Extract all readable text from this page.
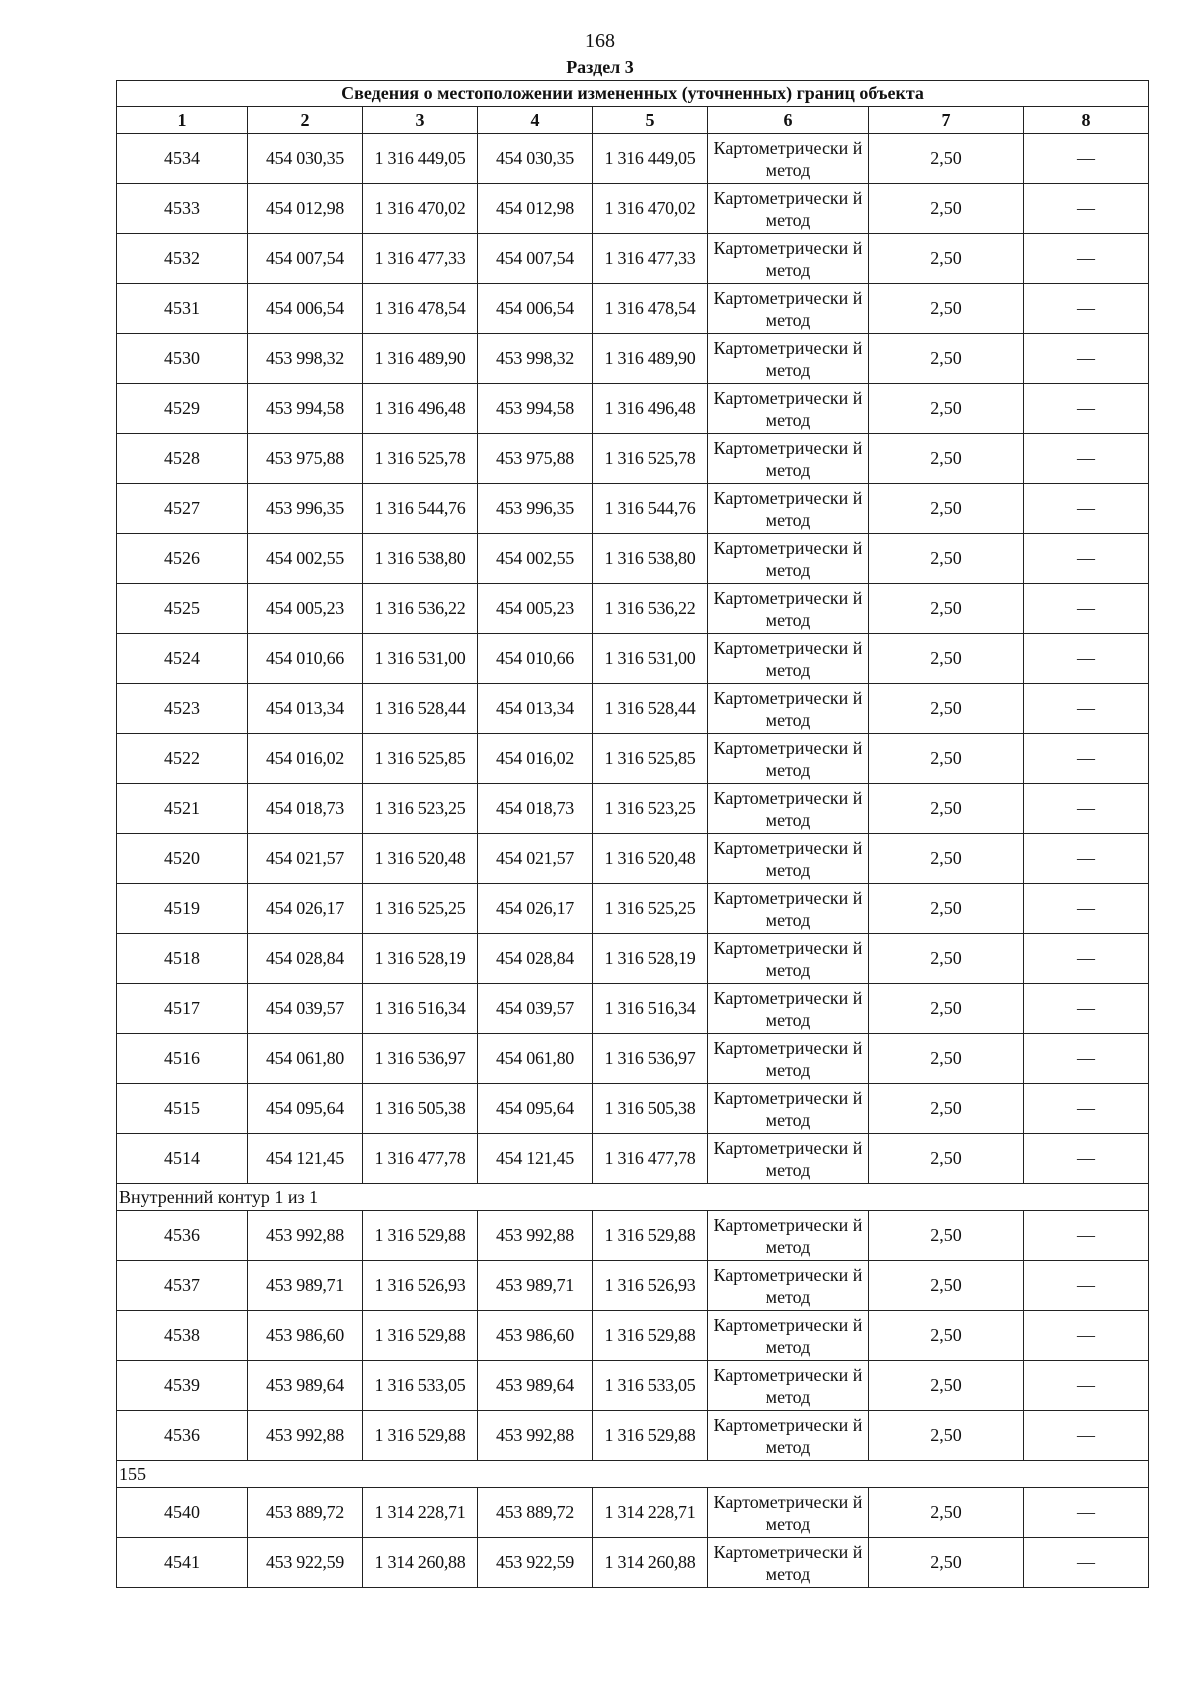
168
Раздел 3
Сведения о местоположении измененных (уточненных) границ объекта							
1	2	3	4	5	6	7	8
4534	454 030,35	1 316 449,05	454 030,35	1 316 449,05	Картометрически й метод	2,50	—
4533	454 012,98	1 316 470,02	454 012,98	1 316 470,02	Картометрически й метод	2,50	—
4532	454 007,54	1 316 477,33	454 007,54	1 316 477,33	Картометрически й метод	2,50	—
4531	454 006,54	1 316 478,54	454 006,54	1 316 478,54	Картометрически й метод	2,50	—
4530	453 998,32	1 316 489,90	453 998,32	1 316 489,90	Картометрически й метод	2,50	—
4529	453 994,58	1 316 496,48	453 994,58	1 316 496,48	Картометрически й метод	2,50	—
4528	453 975,88	1 316 525,78	453 975,88	1 316 525,78	Картометрически й метод	2,50	—
4527	453 996,35	1 316 544,76	453 996,35	1 316 544,76	Картометрически й метод	2,50	—
4526	454 002,55	1 316 538,80	454 002,55	1 316 538,80	Картометрически й метод	2,50	—
4525	454 005,23	1 316 536,22	454 005,23	1 316 536,22	Картометрически й метод	2,50	—
4524	454 010,66	1 316 531,00	454 010,66	1 316 531,00	Картометрически й метод	2,50	—
4523	454 013,34	1 316 528,44	454 013,34	1 316 528,44	Картометрически й метод	2,50	—
4522	454 016,02	1 316 525,85	454 016,02	1 316 525,85	Картометрически й метод	2,50	—
4521	454 018,73	1 316 523,25	454 018,73	1 316 523,25	Картометрически й метод	2,50	—
4520	454 021,57	1 316 520,48	454 021,57	1 316 520,48	Картометрически й метод	2,50	—
4519	454 026,17	1 316 525,25	454 026,17	1 316 525,25	Картометрически й метод	2,50	—
4518	454 028,84	1 316 528,19	454 028,84	1 316 528,19	Картометрически й метод	2,50	—
4517	454 039,57	1 316 516,34	454 039,57	1 316 516,34	Картометрически й метод	2,50	—
4516	454 061,80	1 316 536,97	454 061,80	1 316 536,97	Картометрически й метод	2,50	—
4515	454 095,64	1 316 505,38	454 095,64	1 316 505,38	Картометрически й метод	2,50	—
4514	454 121,45	1 316 477,78	454 121,45	1 316 477,78	Картометрически й метод	2,50	—
Внутренний контур 1 из 1							
4536	453 992,88	1 316 529,88	453 992,88	1 316 529,88	Картометрически й метод	2,50	—
4537	453 989,71	1 316 526,93	453 989,71	1 316 526,93	Картометрически й метод	2,50	—
4538	453 986,60	1 316 529,88	453 986,60	1 316 529,88	Картометрически й метод	2,50	—
4539	453 989,64	1 316 533,05	453 989,64	1 316 533,05	Картометрически й метод	2,50	—
4536	453 992,88	1 316 529,88	453 992,88	1 316 529,88	Картометрически й метод	2,50	—
155							
4540	453 889,72	1 314 228,71	453 889,72	1 314 228,71	Картометрически й метод	2,50	—
4541	453 922,59	1 314 260,88	453 922,59	1 314 260,88	Картометрически й метод	2,50	—
